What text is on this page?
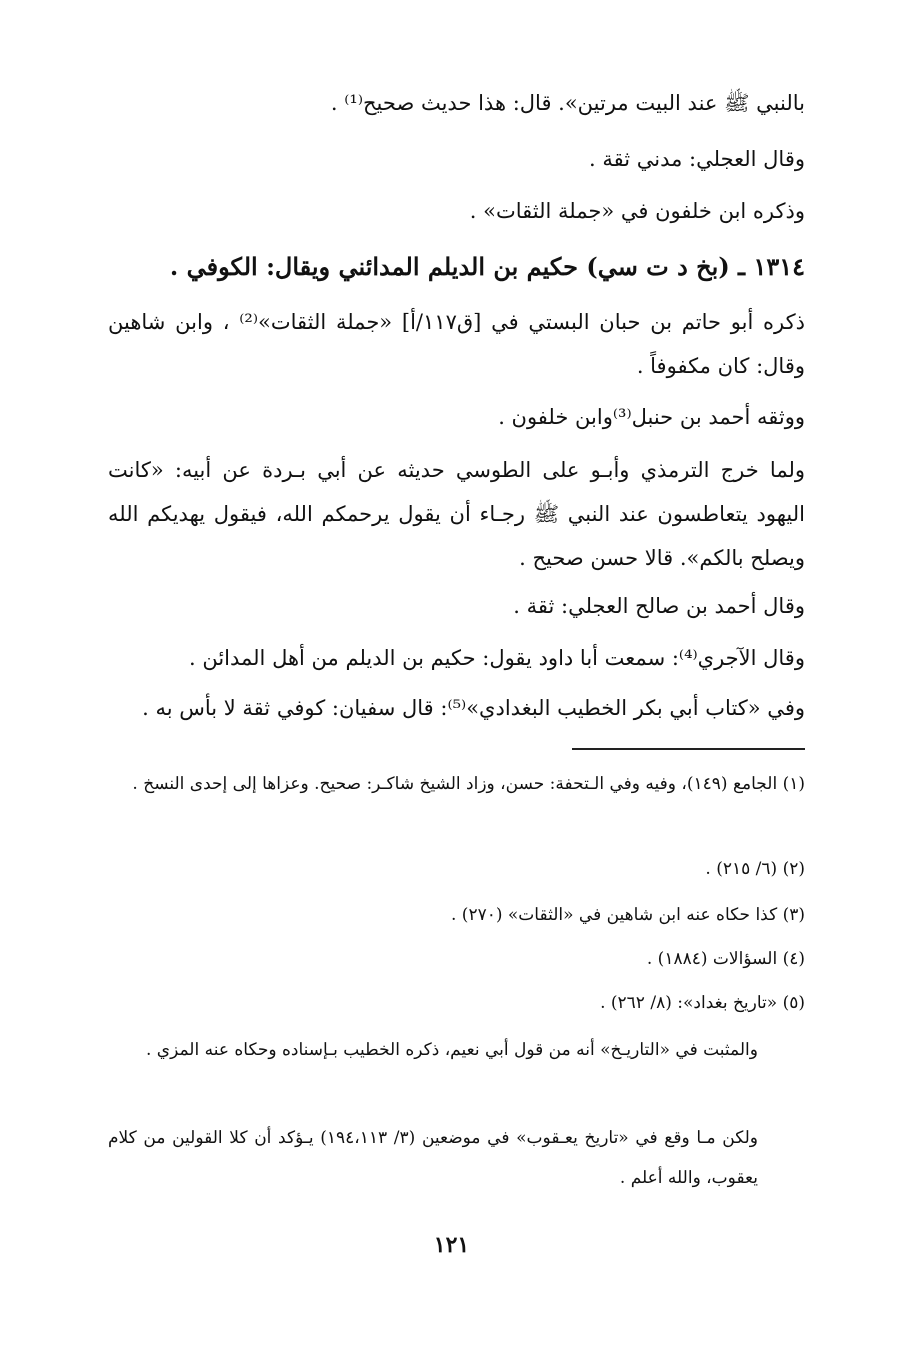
بالنبي ﷺ عند البيت مرتين». قال: هذا حديث صحيح⁽¹⁾ .
وقال العجلي: مدني ثقة .
وذكره ابن خلفون في «جملة الثقات» .
١٣١٤ ـ (بخ د ت سي) حكيم بن الديلم المدائني ويقال: الكوفي .
ذكره أبو حاتم بن حبان البستي في [ق١١٧/أ] «جملة الثقات»⁽²⁾ ، وابن شاهين وقال: كان مكفوفاً .
ووثقه أحمد بن حنبل⁽³⁾وابن خلفون .
ولما خرج الترمذي وأبـو على الطوسي حديثه عن أبي بـردة عن أبيه: «كانت اليهود يتعاطسون عند النبي ﷺ رجـاء أن يقول يرحمكم الله، فيقول يهديكم الله ويصلح بالكم». قالا حسن صحيح .
وقال أحمد بن صالح العجلي: ثقة .
وقال الآجري⁽⁴⁾: سمعت أبا داود يقول: حكيم بن الديلم من أهل المدائن .
وفي «كتاب أبي بكر الخطيب البغدادي»⁽⁵⁾: قال سفيان: كوفي ثقة لا بأس به .
(١) الجامع (١٤٩)، وفيه وفي الـتحفة: حسن، وزاد الشيخ شاكـر: صحيح. وعزاها إلى إحدى النسخ .
(٢) (٦/ ٢١٥) .
(٣) كذا حكاه عنه ابن شاهين في «الثقات» (٢٧٠) .
(٤) السؤالات (١٨٨٤) .
(٥) «تاريخ بغداد»: (٨/ ٢٦٢) .
والمثبت في «التاريـخ» أنه من قول أبي نعيم، ذكره الخطيب بـإسناده وحكاه عنه المزي .
ولكن مـا وقع في «تاريخ يعـقوب» في موضعين (٣/ ١٩٤،١١٣) يـؤكد أن كلا القولين من كلام يعقوب، والله أعلم .
١٢١
